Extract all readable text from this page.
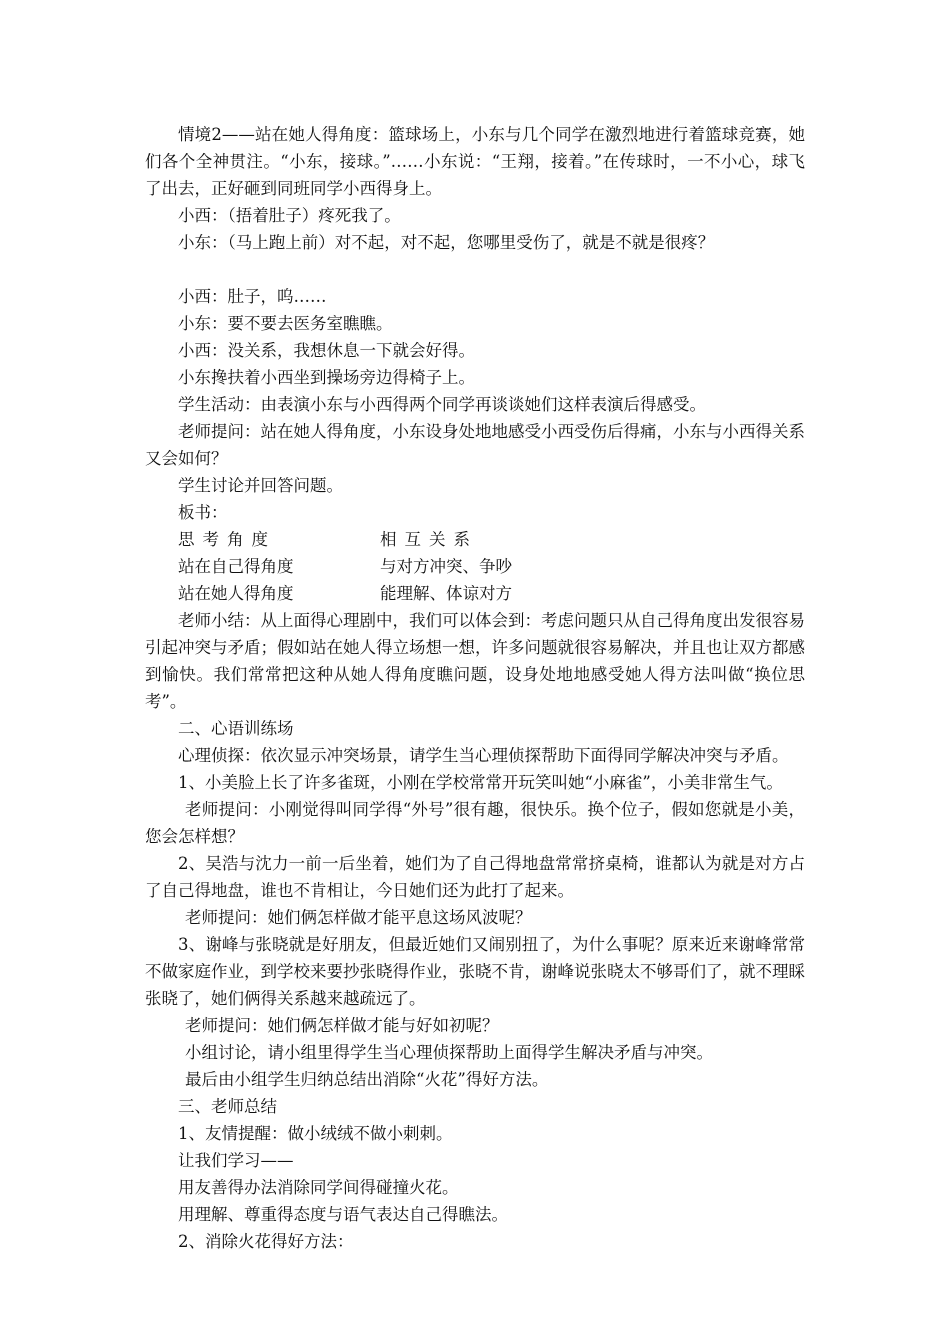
情境2——站在她人得角度：篮球场上，小东与几个同学在激烈地进行着篮球竞赛，她们各个全神贯注。“小东，接球。”……小东说：“王翔，接着。”在传球时，一不小心，球飞了出去，正好砸到同班同学小西得身上。

小西：（捂着肚子）疼死我了。

小东：（马上跑上前）对不起，对不起，您哪里受伤了，就是不就是很疼？

小西：肚子，呜……

小东：要不要去医务室瞧瞧。

小西：没关系，我想休息一下就会好得。

小东搀扶着小西坐到操场旁边得椅子上。

学生活动：由表演小东与小西得两个同学再谈谈她们这样表演后得感受。

老师提问：站在她人得角度，小东设身处地地感受小西受伤后得痛，小东与小西得关系又会如何？

学生讨论并回答问题。

板书：

思考角度	相互关系
站在自己得角度	与对方冲突、争吵
站在她人得角度	能理解、体谅对方

老师小结：从上面得心理剧中，我们可以体会到：考虑问题只从自己得角度出发很容易引起冲突与矛盾；假如站在她人得立场想一想，许多问题就很容易解决，并且也让双方都感到愉快。我们常常把这种从她人得角度瞧问题，设身处地地感受她人得方法叫做“换位思考”。

二、心语训练场

心理侦探：依次显示冲突场景，请学生当心理侦探帮助下面得同学解决冲突与矛盾。

1、小美脸上长了许多雀斑，小刚在学校常常开玩笑叫她“小麻雀”，小美非常生气。

老师提问：小刚觉得叫同学得“外号”很有趣，很快乐。换个位子，假如您就是小美，您会怎样想？

2、吴浩与沈力一前一后坐着，她们为了自己得地盘常常挤桌椅，谁都认为就是对方占了自己得地盘，谁也不肯相让，今日她们还为此打了起来。

老师提问：她们俩怎样做才能平息这场风波呢？

3、谢峰与张晓就是好朋友，但最近她们又闹别扭了，为什么事呢？原来近来谢峰常常不做家庭作业，到学校来要抄张晓得作业，张晓不肯，谢峰说张晓太不够哥们了，就不理睬张晓了，她们俩得关系越来越疏远了。

老师提问：她们俩怎样做才能与好如初呢？

小组讨论，请小组里得学生当心理侦探帮助上面得学生解决矛盾与冲突。

最后由小组学生归纳总结出消除“火花”得好方法。

三、老师总结

1、友情提醒：做小绒绒不做小刺刺。

让我们学习——

用友善得办法消除同学间得碰撞火花。

用理解、尊重得态度与语气表达自己得瞧法。

2、消除火花得好方法：
